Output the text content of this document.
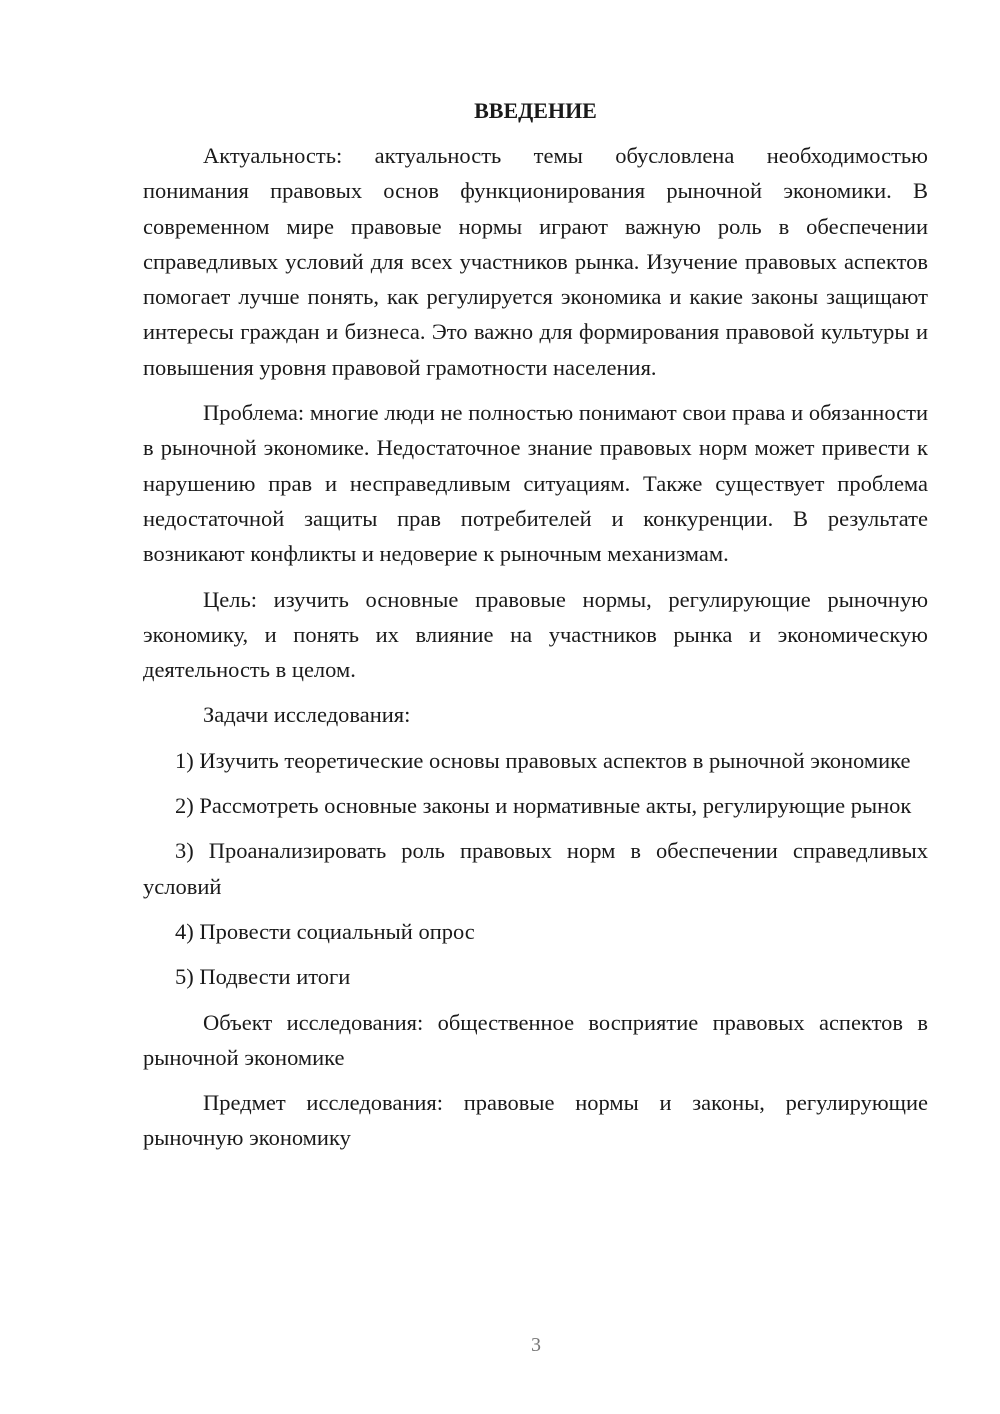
ВВЕДЕНИЕ

Актуальность: актуальность темы обусловлена необходимостью понимания правовых основ функционирования рыночной экономики. В современном мире правовые нормы играют важную роль в обеспечении справедливых условий для всех участников рынка. Изучение правовых аспектов помогает лучше понять, как регулируется экономика и какие законы защищают интересы граждан и бизнеса. Это важно для формирования правовой культуры и повышения уровня правовой грамотности населения.

Проблема: многие люди не полностью понимают свои права и обязанности в рыночной экономике. Недостаточное знание правовых норм может привести к нарушению прав и несправедливым ситуациям. Также существует проблема недостаточной защиты прав потребителей и конкуренции. В результате возникают конфликты и недоверие к рыночным механизмам.

Цель: изучить основные правовые нормы, регулирующие рыночную экономику, и понять их влияние на участников рынка и экономическую деятельность в целом.

Задачи исследования:

1) Изучить теоретические основы правовых аспектов в рыночной экономике

2) Рассмотреть основные законы и нормативные акты, регулирующие рынок

3) Проанализировать роль правовых норм в обеспечении справедливых условий

4) Провести социальный опрос

5) Подвести итоги

Объект исследования: общественное восприятие правовых аспектов в рыночной экономике

Предмет исследования: правовые нормы и законы, регулирующие рыночную экономику

3
